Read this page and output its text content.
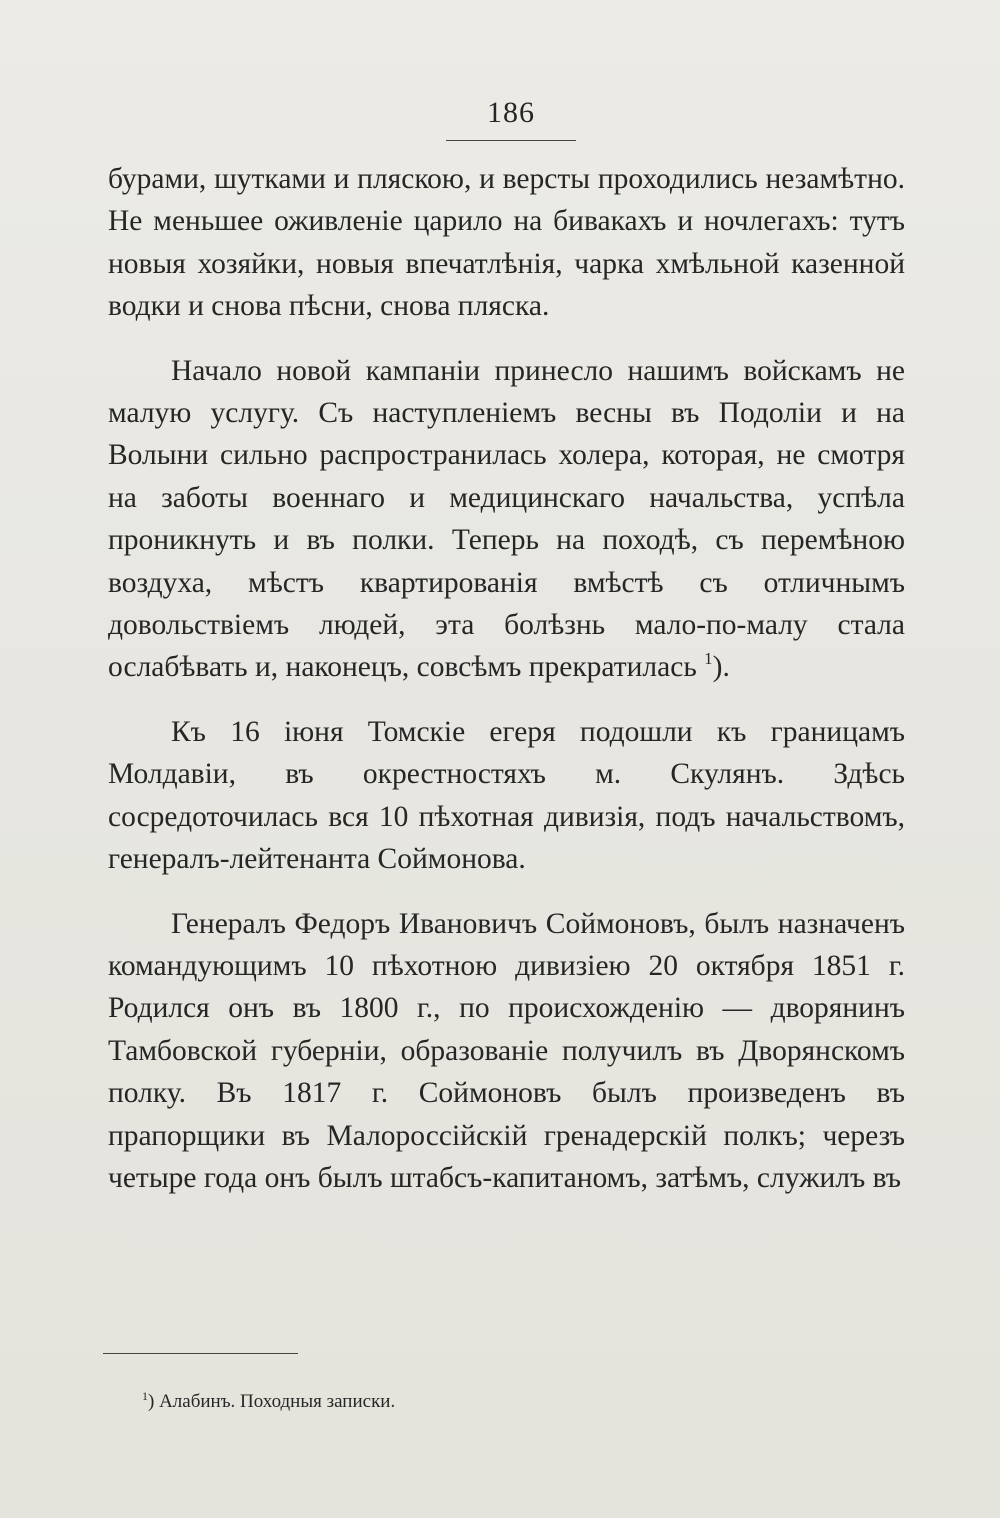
186

бурами, шутками и пляскою, и версты проходились незамѣтно. Не меньшее оживленіе царило на бивакахъ и ночлегахъ: тутъ новыя хозяйки, новыя впечатлѣнія, чарка хмѣльной казенной водки и снова пѣсни, снова пляска.

Начало новой кампаніи принесло нашимъ войскамъ не малую услугу. Съ наступленіемъ весны въ Подоліи и на Волыни сильно распространилась холера, которая, не смотря на заботы военнаго и медицинскаго начальства, успѣла проникнуть и въ полки. Теперь на походѣ, съ перемѣною воздуха, мѣстъ квартированія вмѣстѣ съ отличнымъ довольствіемъ людей, эта болѣзнь мало-по-малу стала ослабѣвать и, наконецъ, совсѣмъ прекратилась $^1$).

Къ 16 іюня Томскіе егеря подошли къ границамъ Молдавіи, въ окрестностяхъ м. Скулянъ. Здѣсь сосредоточилась вся 10 пѣхотная дивизія, подъ начальствомъ, генералъ-лейтенанта Соймонова.

Генералъ Федоръ Ивановичъ Соймоновъ, былъ назначенъ командующимъ 10 пѣхотною дивизіею 20 октября 1851 г. Родился онъ въ 1800 г., по происхожденію — дворянинъ Тамбовской губерніи, образованіе получилъ въ Дворянскомъ полку. Въ 1817 г. Соймоновъ былъ произведенъ въ прапорщики въ Малороссійскій гренадерскій полкъ; черезъ четыре года онъ былъ штабсъ-капитаномъ, затѣмъ, служилъ въ

$^1$) Алабинъ. Походныя записки.
